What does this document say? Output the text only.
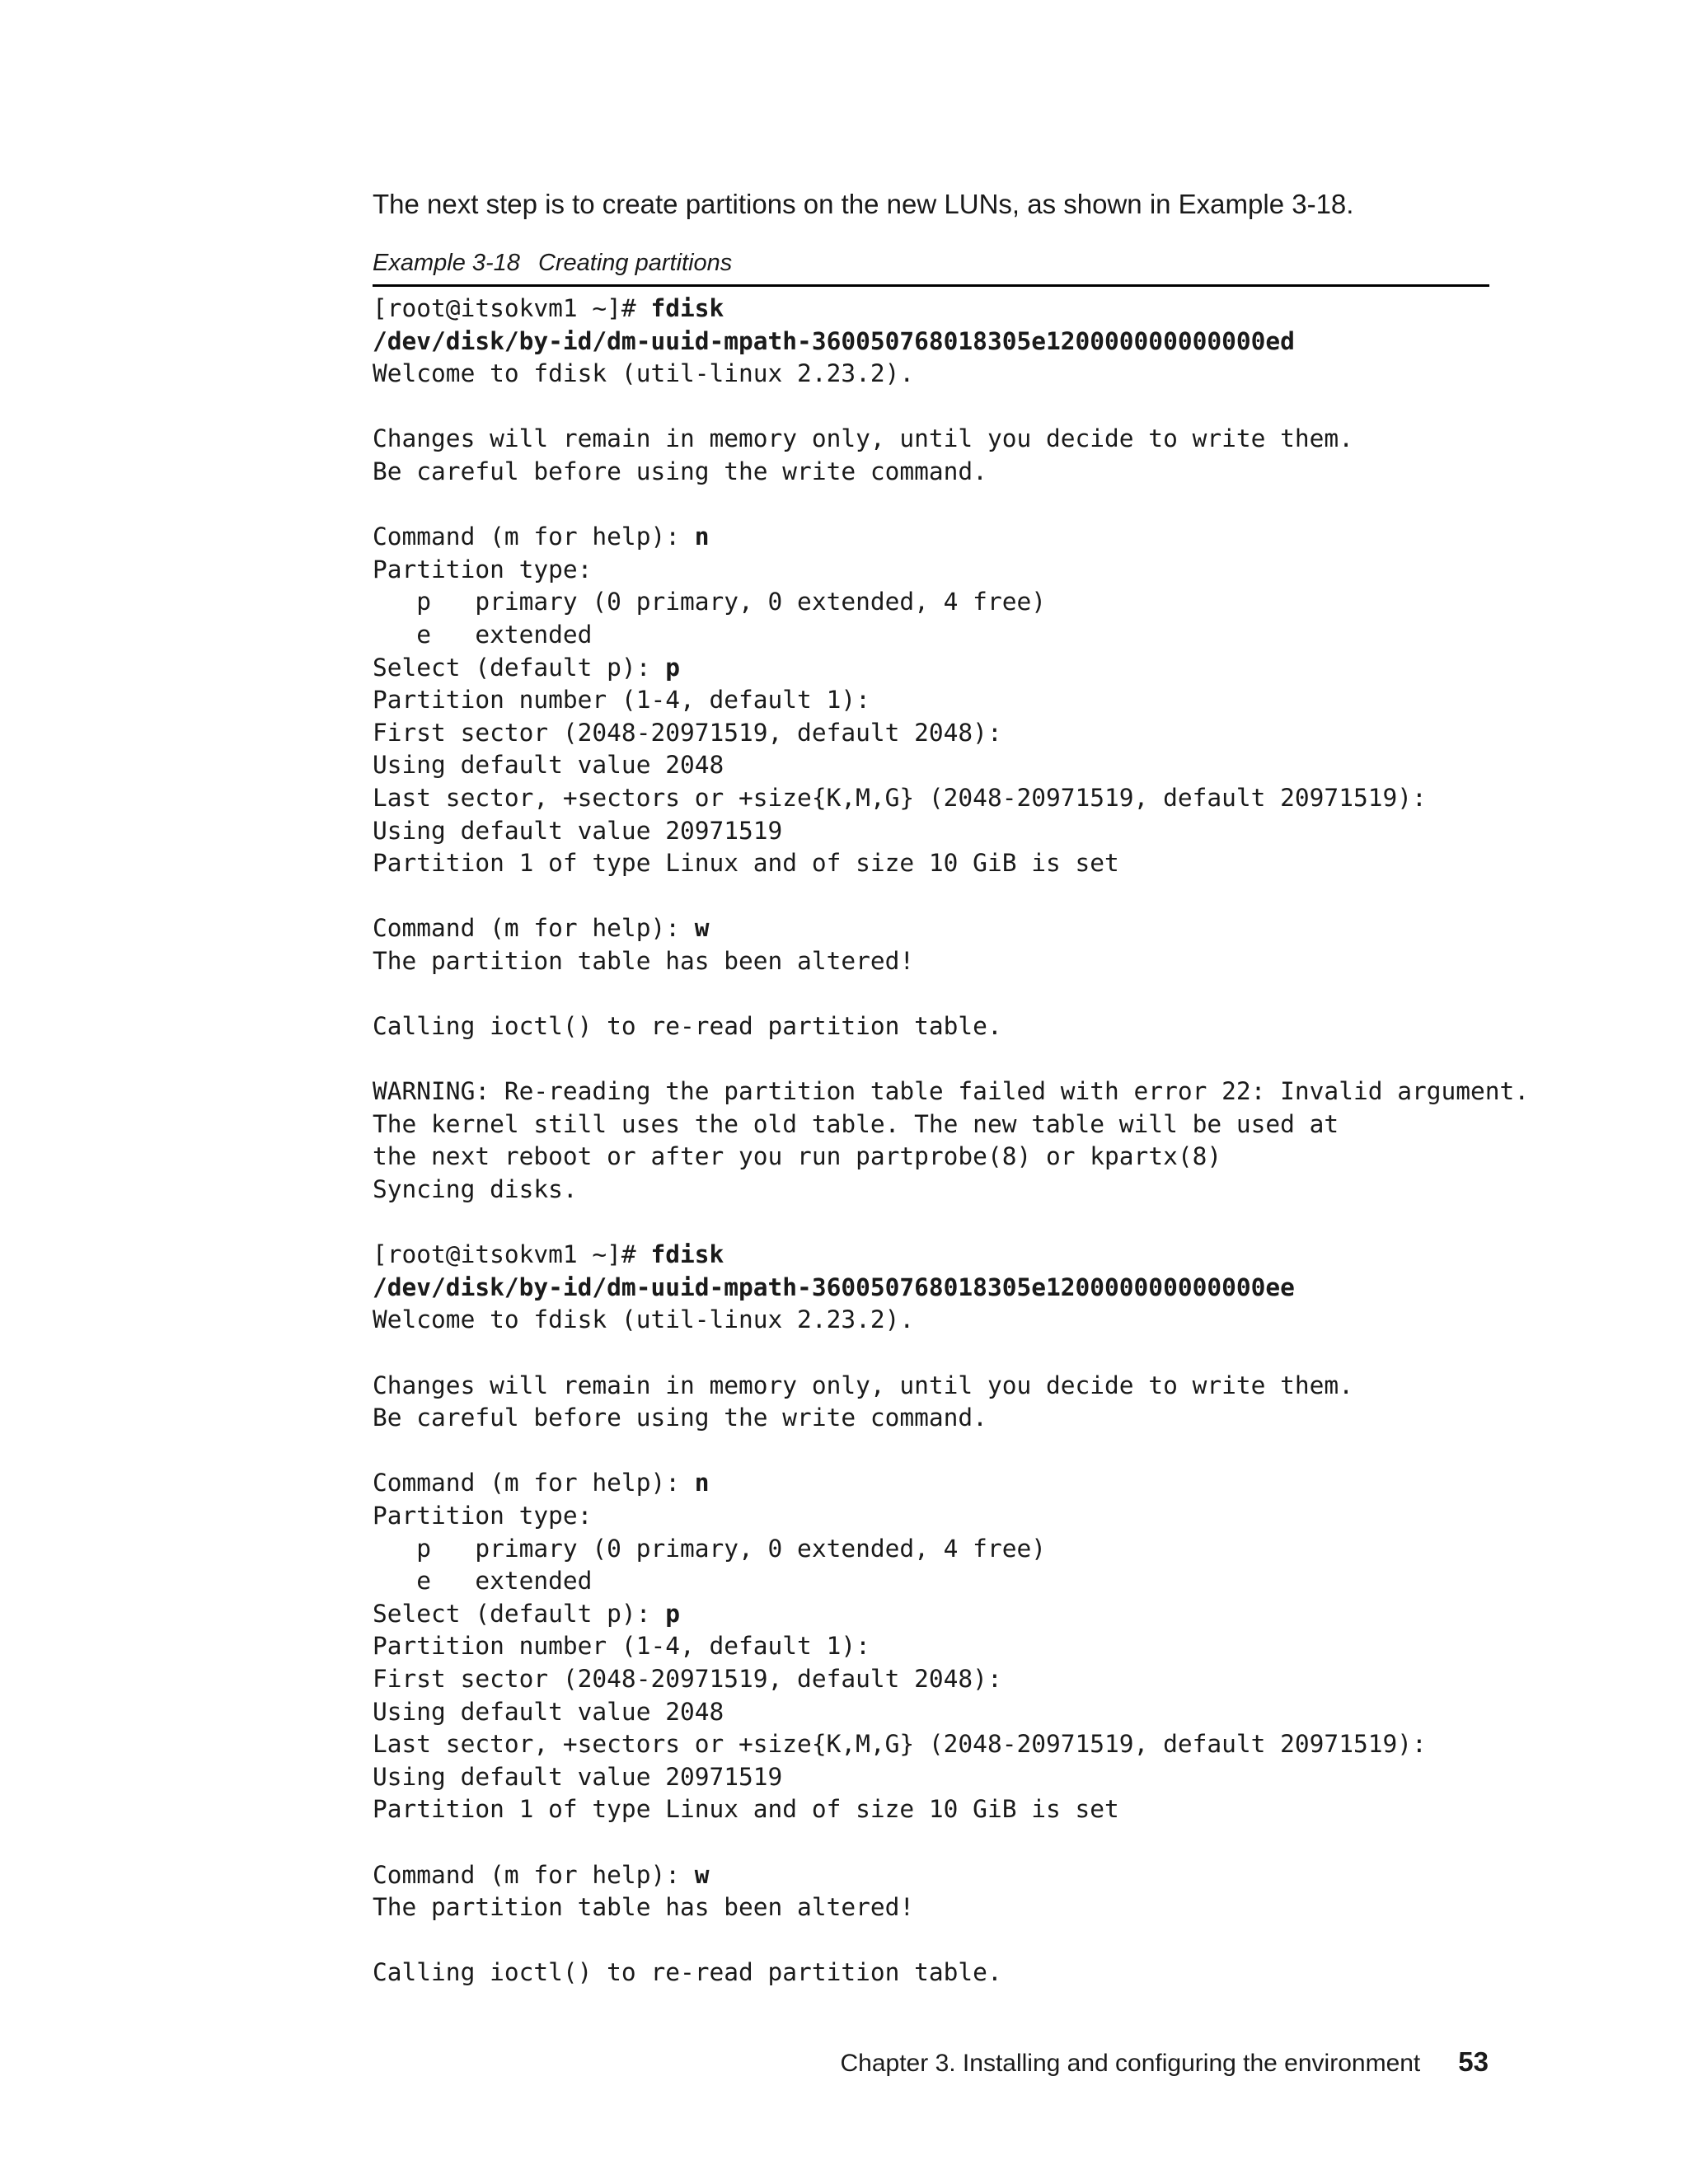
The next step is to create partitions on the new LUNs, as shown in Example 3-18.
Example 3-18 Creating partitions
[root@itsokvm1 ~]# fdisk
/dev/disk/by-id/dm-uuid-mpath-360050768018305e120000000000000ed
Welcome to fdisk (util-linux 2.23.2).
Changes will remain in memory only, until you decide to write them.
Be careful before using the write command.
Command (m for help): n
Partition type:
p   primary (0 primary, 0 extended, 4 free)
e   extended
Select (default p): p
Partition number (1-4, default 1):
First sector (2048-20971519, default 2048):
Using default value 2048
Last sector, +sectors or +size{K,M,G} (2048-20971519, default 20971519):
Using default value 20971519
Partition 1 of type Linux and of size 10 GiB is set
Command (m for help): w
The partition table has been altered!
Calling ioctl() to re-read partition table.
WARNING: Re-reading the partition table failed with error 22: Invalid argument.
The kernel still uses the old table. The new table will be used at
the next reboot or after you run partprobe(8) or kpartx(8)
Syncing disks.
[root@itsokvm1 ~]# fdisk
/dev/disk/by-id/dm-uuid-mpath-360050768018305e120000000000000ee
Welcome to fdisk (util-linux 2.23.2).
Changes will remain in memory only, until you decide to write them.
Be careful before using the write command.
Command (m for help): n
Partition type:
p   primary (0 primary, 0 extended, 4 free)
e   extended
Select (default p): p
Partition number (1-4, default 1):
First sector (2048-20971519, default 2048):
Using default value 2048
Last sector, +sectors or +size{K,M,G} (2048-20971519, default 20971519):
Using default value 20971519
Partition 1 of type Linux and of size 10 GiB is set
Command (m for help): w
The partition table has been altered!
Calling ioctl() to re-read partition table.
Chapter 3. Installing and configuring the environment 53
